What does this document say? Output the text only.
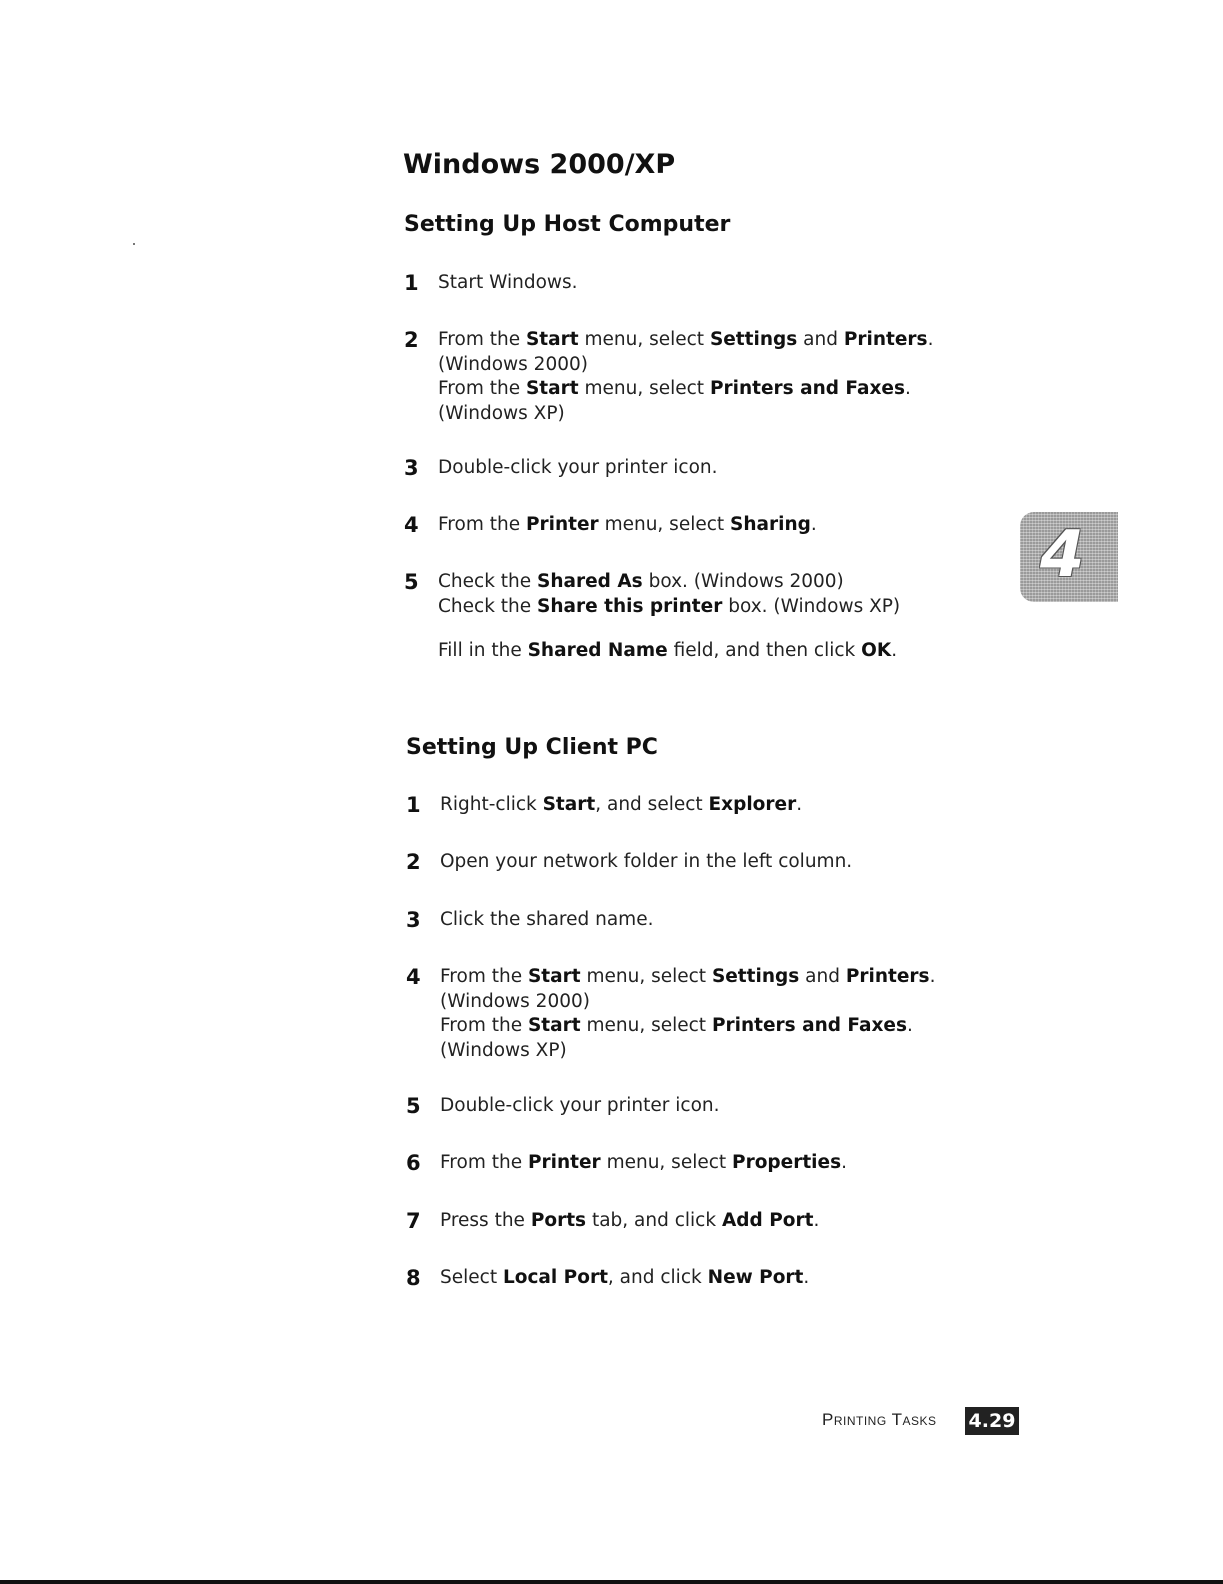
Windows 2000/XP
Setting Up Host Computer
1 Start Windows.
2 From the Start menu, select Settings and Printers.
(Windows 2000)
From the Start menu, select Printers and Faxes.
(Windows XP)
3 Double-click your printer icon.
4 From the Printer menu, select Sharing.
5 Check the Shared As box. (Windows 2000)
Check the Share this printer box. (Windows XP)
Fill in the Shared Name field, and then click OK.
Setting Up Client PC
1 Right-click Start, and select Explorer.
2 Open your network folder in the left column.
3 Click the shared name.
4 From the Start menu, select Settings and Printers.
(Windows 2000)
From the Start menu, select Printers and Faxes.
(Windows XP)
5 Double-click your printer icon.
6 From the Printer menu, select Properties.
7 Press the Ports tab, and click Add Port.
8 Select Local Port, and click New Port.
4
Printing Tasks 4.29
